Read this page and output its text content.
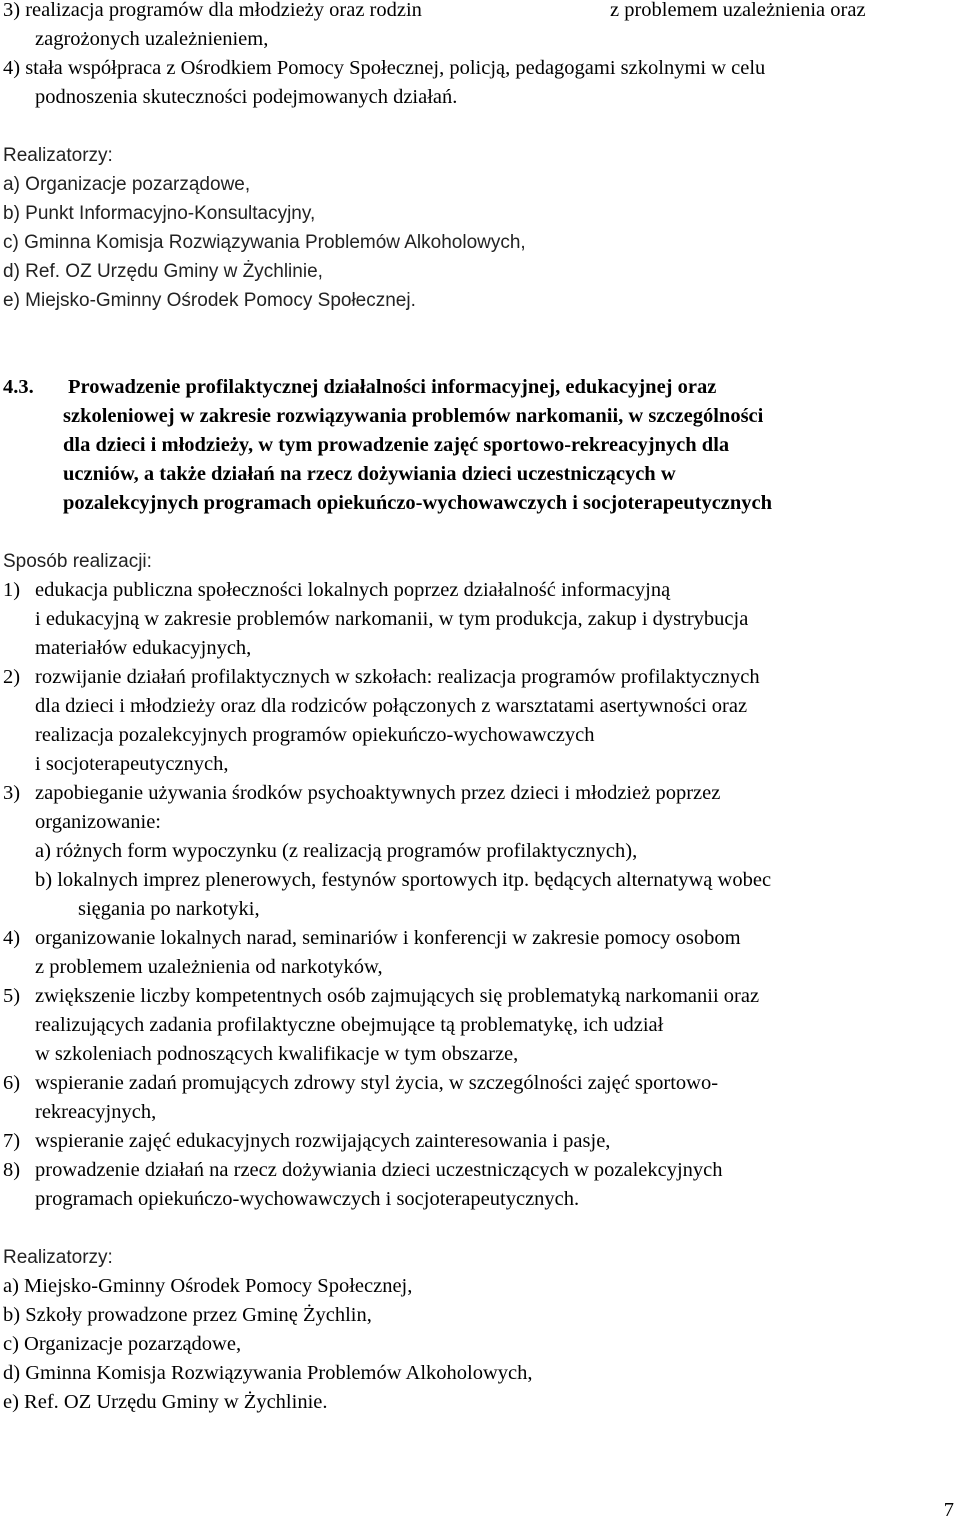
3) realizacja programów dla młodzieży oraz rodzin	z problemem uzależnienia oraz
zagrożonych uzależnieniem,
4) stała współpraca z Ośrodkiem Pomocy Społecznej, policją, pedagogami szkolnymi w celu
podnoszenia skuteczności podejmowanych działań.
Realizatorzy:
a) Organizacje pozarządowe,
b) Punkt Informacyjno-Konsultacyjny,
c) Gminna Komisja Rozwiązywania Problemów Alkoholowych,
d) Ref. OZ Urzędu Gminy w Żychlinie,
e) Miejsko-Gminny Ośrodek Pomocy Społecznej.
4.3. Prowadzenie profilaktycznej działalności informacyjnej, edukacyjnej oraz
szkoleniowej w zakresie rozwiązywania problemów narkomanii, w szczególności
dla dzieci i młodzieży, w tym prowadzenie zajęć sportowo-rekreacyjnych dla
uczniów, a także działań na rzecz dożywiania dzieci uczestniczących w
pozalekcyjnych programach opiekuńczo-wychowawczych i socjoterapeutycznych
Sposób realizacji:
1) edukacja publiczna społeczności lokalnych poprzez działalność informacyjną
i edukacyjną w zakresie problemów narkomanii, w tym produkcja, zakup i dystrybucja
materiałów edukacyjnych,
2) rozwijanie działań profilaktycznych w szkołach: realizacja programów profilaktycznych
dla dzieci i młodzieży oraz dla rodziców połączonych z warsztatami asertywności oraz
realizacja pozalekcyjnych programów opiekuńczo-wychowawczych
i socjoterapeutycznych,
3) zapobieganie używania środków psychoaktywnych przez dzieci i młodzież poprzez
organizowanie:
a) różnych form wypoczynku (z realizacją programów profilaktycznych),
b) lokalnych imprez plenerowych, festynów sportowych itp. będących alternatywą wobec
sięgania po narkotyki,
4) organizowanie lokalnych narad, seminariów i konferencji w zakresie pomocy osobom
z problemem uzależnienia od narkotyków,
5) zwiększenie liczby kompetentnych osób zajmujących się problematyką narkomanii oraz
realizujących zadania profilaktyczne obejmujące tą problematykę, ich udział
w szkoleniach podnoszących kwalifikacje w tym obszarze,
6) wspieranie zadań promujących zdrowy styl życia, w szczególności zajęć sportowo-
rekreacyjnych,
7) wspieranie zajęć edukacyjnych rozwijających zainteresowania i pasje,
8) prowadzenie działań na rzecz dożywiania dzieci uczestniczących w pozalekcyjnych
programach opiekuńczo-wychowawczych i socjoterapeutycznych.
Realizatorzy:
a) Miejsko-Gminny Ośrodek Pomocy Społecznej,
b) Szkoły prowadzone przez Gminę Żychlin,
c) Organizacje pozarządowe,
d) Gminna Komisja Rozwiązywania Problemów Alkoholowych,
e) Ref. OZ Urzędu Gminy w Żychlinie.
7
